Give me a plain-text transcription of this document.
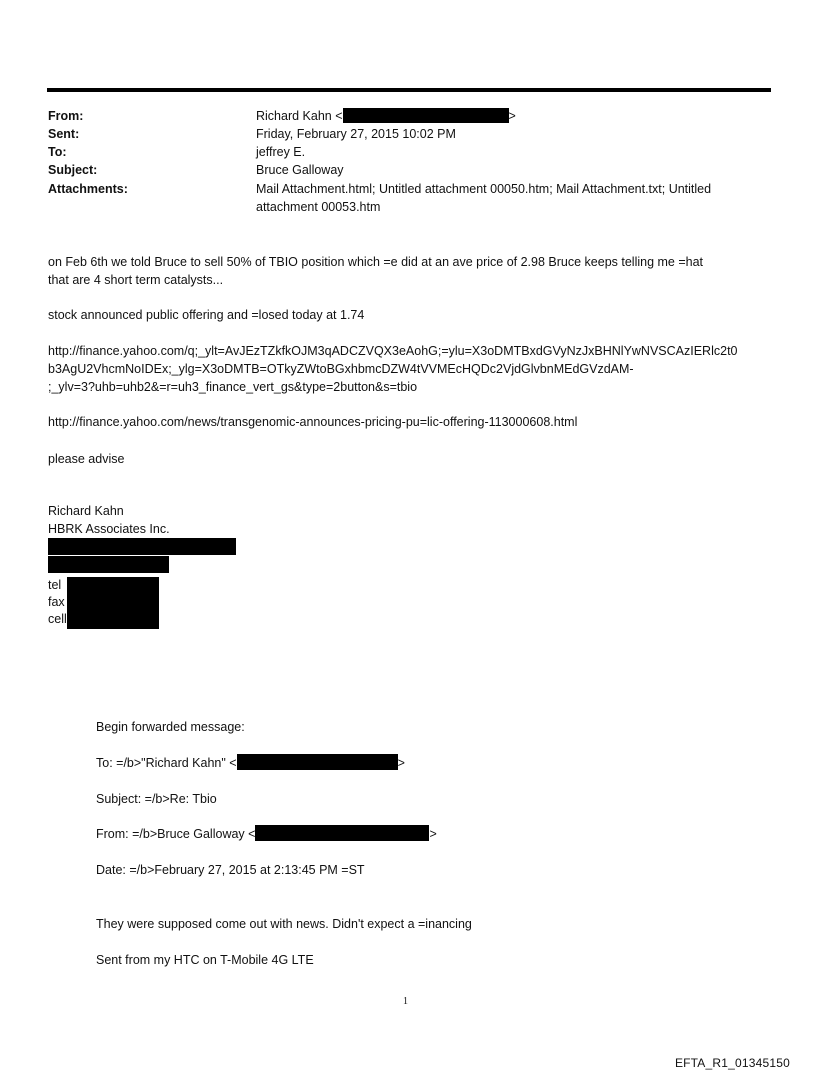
From:	Richard Kahn <	>
Sent:	Friday, February 27, 2015 10:02 PM
To:	jeffrey E.
Subject:	Bruce Galloway
Attachments:	Mail Attachment.html; Untitled attachment 00050.htm; Mail Attachment.txt; Untitled
attachment 00053.htm
on Feb 6th we told Bruce to sell 50% of TBIO position which =e did at an ave price of 2.98 Bruce keeps telling me =hat
that are 4 short term catalysts...
stock announced public offering and =losed today at 1.74
http://finance.yahoo.com/q;_ylt=AvJEzTZkfkOJM3qADCZVQX3eAohG;=ylu=X3oDMTBxdGVyNzJxBHNlYwNVSCAzIERlc2t0
b3AgU2VhcmNoIDEx;_ylg=X3oDMTB=OTkyZWtoBGxhbmcDZW4tVVMEcHQDc2VjdGlvbnMEdGVzdAM-
;_ylv=3?uhb=uhb2&=r=uh3_finance_vert_gs&type=2button&s=tbio
http://finance.yahoo.com/news/transgenomic-announces-pricing-pu=lic-offering-113000608.html
please advise
Richard Kahn
HBRK Associates Inc.
tel
fax
cell
Begin forwarded message:
To: =/b>"Richard Kahn" <	>
Subject: =/b>Re: Tbio
From: =/b>Bruce Galloway <	>
Date: =/b>February 27, 2015 at 2:13:45 PM =ST
They were supposed come out with news. Didn't expect a =inancing
Sent from my HTC on T-Mobile 4G LTE
1
EFTA_R1_01345150
